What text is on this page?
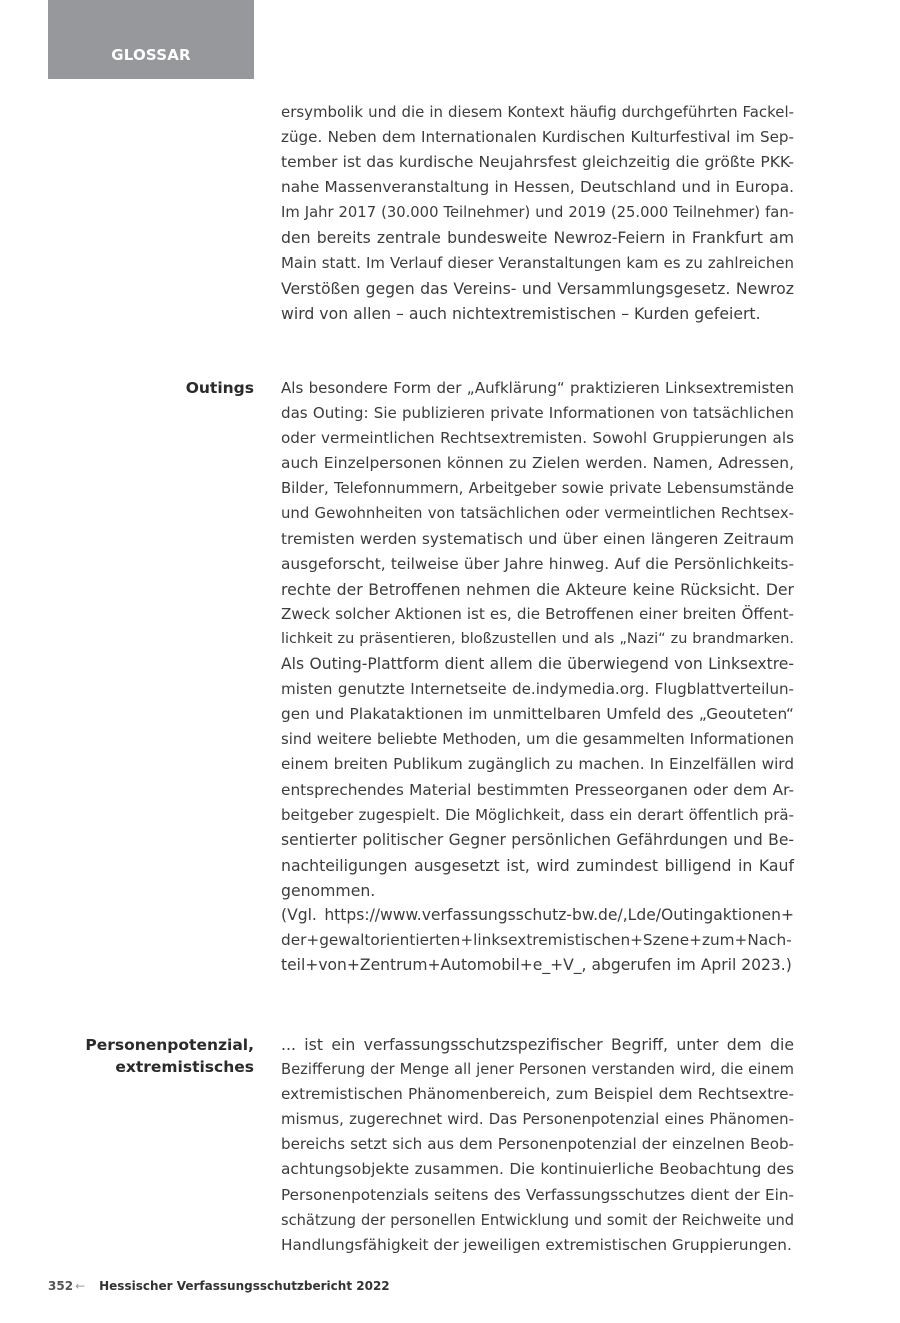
GLOSSAR
ersymbolik und die in diesem Kontext häufig durchgeführten Fackel-
züge. Neben dem Internationalen Kurdischen Kulturfestival im Sep-
tember ist das kurdische Neujahrsfest gleichzeitig die größte PKK-
nahe Massenveranstaltung in Hessen, Deutschland und in Europa.
Im Jahr 2017 (30.000 Teilnehmer) und 2019 (25.000 Teilnehmer) fan-
den bereits zentrale bundesweite Newroz-Feiern in Frankfurt am
Main statt. Im Verlauf dieser Veranstaltungen kam es zu zahlreichen
Verstößen gegen das Vereins- und Versammlungsgesetz. Newroz
wird von allen – auch nichtextremistischen – Kurden gefeiert.
Outings Als besondere Form der „Aufklärung“ praktizieren Linksextremisten
das Outing: Sie publizieren private Informationen von tatsächlichen
oder vermeintlichen Rechtsextremisten. Sowohl Gruppierungen als
auch Einzelpersonen können zu Zielen werden. Namen, Adressen,
Bilder, Telefonnummern, Arbeitgeber sowie private Lebensumstände
und Gewohnheiten von tatsächlichen oder vermeintlichen Rechtsex-
tremisten werden systematisch und über einen längeren Zeitraum
ausgeforscht, teilweise über Jahre hinweg. Auf die Persönlichkeits-
rechte der Betroffenen nehmen die Akteure keine Rücksicht. Der
Zweck solcher Aktionen ist es, die Betroffenen einer breiten Öffent-
lichkeit zu präsentieren, bloßzustellen und als „Nazi“ zu brandmarken.
Als Outing-Plattform dient allem die überwiegend von Linksextre-
misten genutzte Internetseite de.indymedia.org. Flugblattverteilun-
gen und Plakataktionen im unmittelbaren Umfeld des „Geouteten“
sind weitere beliebte Methoden, um die gesammelten Informationen
einem breiten Publikum zugänglich zu machen. In Einzelfällen wird
entsprechendes Material bestimmten Presseorganen oder dem Ar-
beitgeber zugespielt. Die Möglichkeit, dass ein derart öffentlich prä-
sentierter politischer Gegner persönlichen Gefährdungen und Be-
nachteiligungen ausgesetzt ist, wird zumindest billigend in Kauf
genommen.
(Vgl. https://www.verfassungsschutz-bw.de/,Lde/Outingaktionen+
der+gewaltorientierten+linksextremistischen+Szene+zum+Nach-
teil+von+Zentrum+Automobil+e_+V_, abgerufen im April 2023.)
Personenpotenzial,
extremistisches
... ist ein verfassungsschutzspezifischer Begriff, unter dem die
Bezifferung der Menge all jener Personen verstanden wird, die einem
extremistischen Phänomenbereich, zum Beispiel dem Rechtsextre-
mismus, zugerechnet wird. Das Personenpotenzial eines Phänomen-
bereichs setzt sich aus dem Personenpotenzial der einzelnen Beob-
achtungsobjekte zusammen. Die kontinuierliche Beobachtung des
Personenpotenzials seitens des Verfassungsschutzes dient der Ein-
schätzung der personellen Entwicklung und somit der Reichweite und
Handlungsfähigkeit der jeweiligen extremistischen Gruppierungen.
352 ← Hessischer Verfassungsschutzbericht 2022
